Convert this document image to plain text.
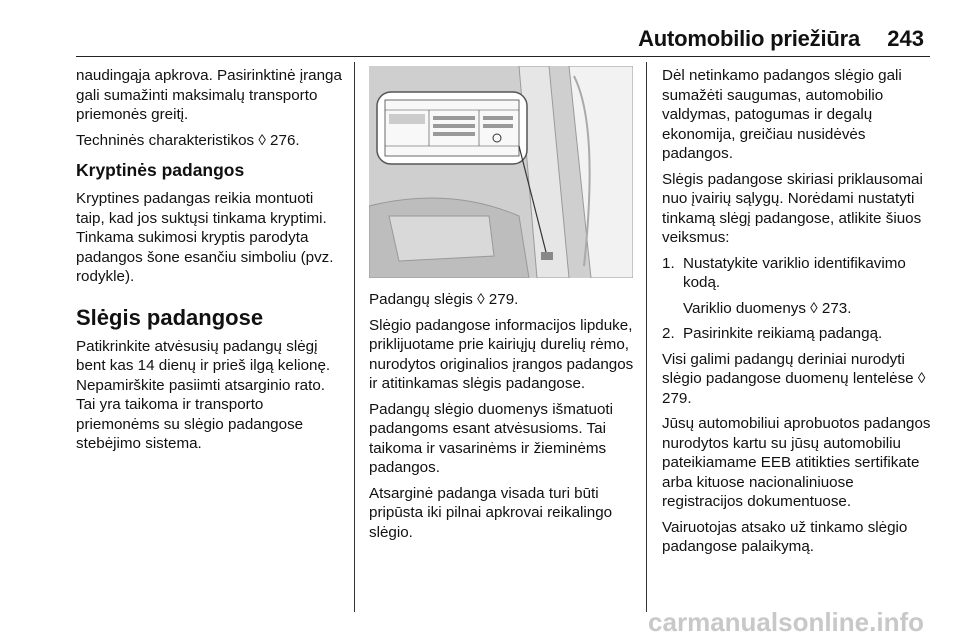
Automobilio priežiūra 243

naudingąja apkrova. Pasirinktinė įranga gali sumažinti maksimalų transporto priemonės greitį.

Techninės charakteristikos ◊ 276.

Kryptinės padangos

Kryptines padangas reikia montuoti taip, kad jos suktųsi tinkama kryptimi. Tinkama sukimosi kryptis parodyta padangos šone esančiu simboliu (pvz. rodykle).

Slėgis padangose

Patikrinkite atvėsusių padangų slėgį bent kas 14 dienų ir prieš ilgą kelionę. Nepamirškite pasiimti atsarginio rato. Tai yra taikoma ir transporto priemonėms su slėgio padangose stebėjimo sistema.

Padangų slėgis ◊ 279.

Slėgio padangose informacijos lipduke, priklijuotame prie kairiųjų durelių rėmo, nurodytos originalios įrangos padangos ir atitinkamas slėgis padangose.

Padangų slėgio duomenys išmatuoti padangoms esant atvėsusioms. Tai taikoma ir vasarinėms ir žieminėms padangos.

Atsarginė padanga visada turi būti pripūsta iki pilnai apkrovai reikalingo slėgio.

Dėl netinkamo padangos slėgio gali sumažėti saugumas, automobilio valdymas, patogumas ir degalų ekonomija, greičiau nusidėvės padangos.

Slėgis padangose skiriasi priklausomai nuo įvairių sąlygų. Norėdami nustatyti tinkamą slėgį padangose, atlikite šiuos veiksmus:

1. Nustatykite variklio identifikavimo kodą.
Variklio duomenys ◊ 273.
2. Pasirinkite reikiamą padangą.

Visi galimi padangų deriniai nurodyti slėgio padangose duomenų lentelėse ◊ 279.

Jūsų automobiliui aprobuotos padangos nurodytos kartu su jūsų automobiliu pateikiamame EEB atitikties sertifikate arba kituose nacionaliniuose registracijos dokumentuose.

Vairuotojas atsako už tinkamo slėgio padangose palaikymą.

carmanualsonline.info
